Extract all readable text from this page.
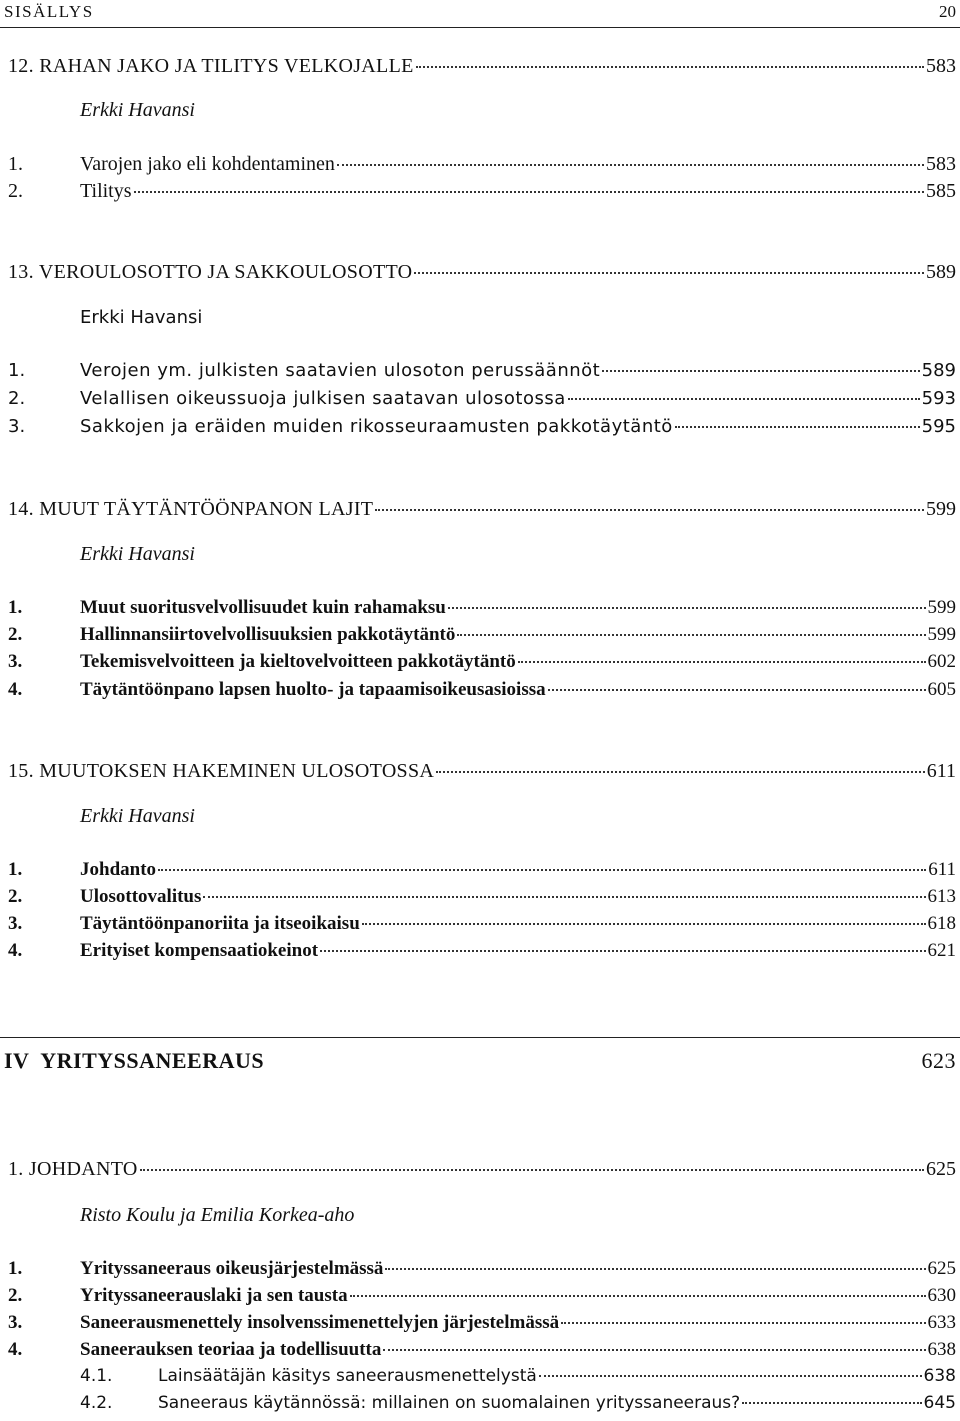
SISÄLLYS	20
12. RAHAN JAKO JA TILITYS VELKOJALLE	583
Erkki Havansi
1.	Varojen jako eli kohdentaminen	583
2.	Tilitys	585
13. VEROULOSOTTO JA SAKKOULOSOTTO	589
Erkki Havansi
1.	Verojen ym. julkisten saatavien ulosoton perussäännöt	589
2.	Velallisen oikeussuoja julkisen saatavan ulosotossa	593
3.	Sakkojen ja eräiden muiden rikosseuraamusten pakkotäytäntö	595
14. MUUT TÄYTÄNTÖÖNPANON LAJIT	599
Erkki Havansi
1.	Muut suoritusvelvollisuudet kuin rahamaksu	599
2.	Hallinnansiirtovelvollisuuksien pakkotäytäntö	599
3.	Tekemisvelvoitteen ja kieltovelvoitteen pakkotäytäntö	602
4.	Täytäntöönpano lapsen huolto- ja tapaamisoikeusasioissa	605
15. MUUTOKSEN HAKEMINEN ULOSOTOSSA	611
Erkki Havansi
1.	Johdanto	611
2.	Ulosottovalitus	613
3.	Täytäntöönpanoriita ja itseoikaisu	618
4.	Erityiset kompensaatiokeinot	621
IV  YRITYSSANEERAUS	623
1. JOHDANTO	625
Risto Koulu ja Emilia Korkea-aho
1.	Yrityssaneeraus oikeusjärjestelmässä	625
2.	Yrityssaneerauslaki ja sen tausta	630
3.	Saneerausmenettely insolvenssimenettelyjen järjestelmässä	633
4.	Saneerauksen teoriaa ja todellisuutta	638
4.1.	Lainsäätäjän käsitys saneerausmenettelystä	638
4.2.	Saneeraus käytännössä: millainen on suomalainen yrityssaneeraus?	645
